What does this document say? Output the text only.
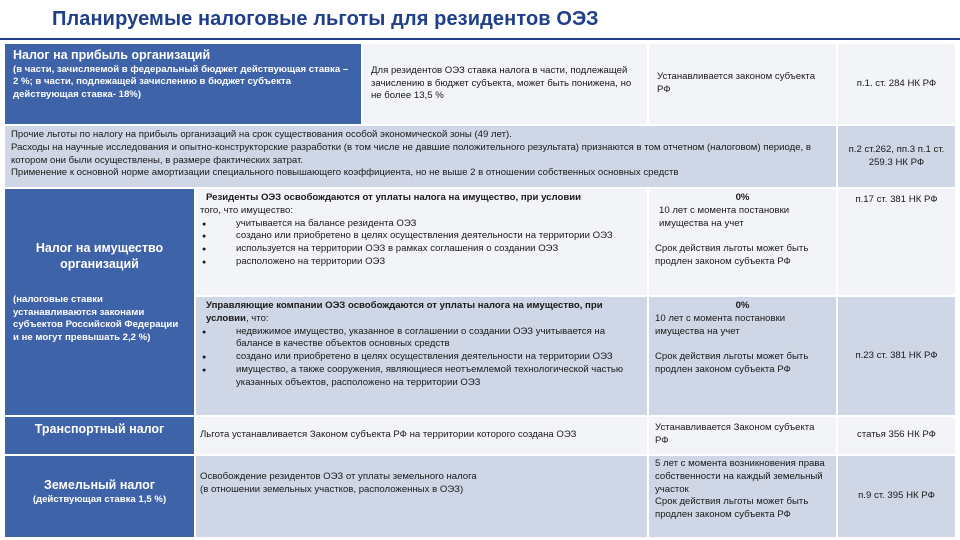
Планируемые налоговые льготы для резидентов ОЭЗ
Налог на прибыль организаций
(в части, зачисляемой в федеральный бюджет действующая ставка – 2 %; в части, подлежащей зачислению в бюджет субъекта действующая ставка- 18%)
Для резидентов ОЭЗ ставка налога в части, подлежащей зачислению в бюджет субъекта, может быть понижена, но не более 13,5 %
Устанавливается законом субъекта РФ
п.1. ст. 284 НК РФ

Прочие льготы по налогу на прибыль организаций на срок существования особой экономической зоны (49 лет).

Расходы на научные исследования и опытно-конструкторские разработки (в том числе не давшие положительного результата) признаются в том отчетном (налоговом) периоде, в котором они были осуществлены, в размере фактических затрат.

Применение к основной норме амортизации специального повышающего коэффициента, но не выше 2 в отношении собственных основных средств

п.2 ст.262, пп.3 п.1 ст. 259.3 НК РФ
Налог на имущество организаций
(налоговые ставки устанавливаются законами субъектов Российской Федерации и не могут превышать 2,2 %)
Резиденты ОЭЗ освобождаются от уплаты налога на имущество, при условии
того, что имущество:
● учитывается на балансе резидента ОЭЗ
● создано или приобретено в целях осуществления деятельности на территории ОЭЗ
● используется на территории ОЭЗ в рамках соглашения о создании ОЭЗ
● расположено на территории ОЭЗ
0%
10 лет с момента постановки имущества на учет
Срок действия льготы может быть продлен законом субъекта РФ
п.17 ст. 381 НК РФ
Управляющие компании ОЭЗ освобождаются от уплаты налога на имущество, при условии, что:
● недвижимое имущество, указанное в соглашении о создании ОЭЗ учитывается на балансе в качестве объектов основных средств
● создано или приобретено в целях осуществления деятельности на территории ОЭЗ
● имущество, а также сооружения, являющиеся неотъемлемой технологической частью указанных объектов, расположено на территории ОЭЗ
0%
10 лет с момента постановки имущества на учет
Срок действия льготы может быть продлен законом субъекта РФ
п.23 ст. 381 НК РФ
Транспортный налог	Льгота устанавливается Законом субъекта РФ на территории которого создана ОЭЗ
Устанавливается Законом субъекта РФ
статья 356 НК РФ
Земельный налог
(действующая ставка 1,5 %)
Освобождение резидентов ОЭЗ от уплаты земельного налога
(в отношении земельных участков, расположенных в ОЭЗ)
5 лет с момента возникновения права собственности на каждый земельный участок
Срок действия льготы может быть продлен законом субъекта РФ
п.9 ст. 395 НК РФ
